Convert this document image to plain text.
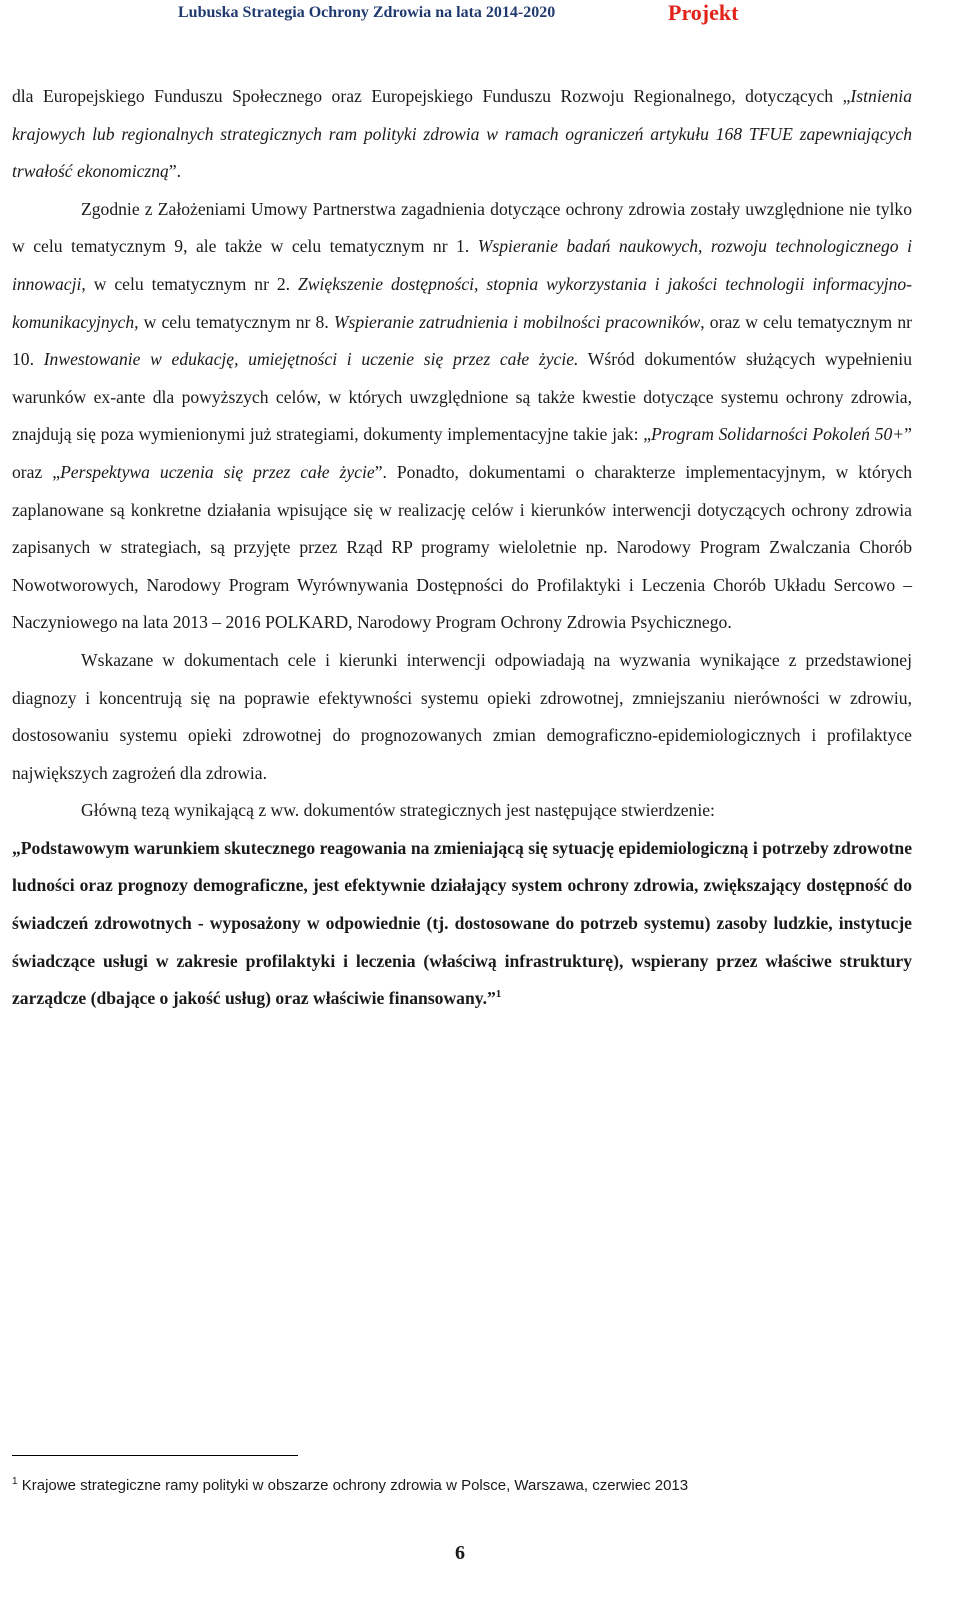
Lubuska Strategia Ochrony Zdrowia na lata 2014-2020	Projekt

dla Europejskiego Funduszu Społecznego oraz Europejskiego Funduszu Rozwoju Regionalnego, dotyczących „Istnienia krajowych lub regionalnych strategicznych ram polityki zdrowia w ramach ograniczeń artykułu 168 TFUE zapewniających trwałość ekonomiczną”.

Zgodnie z Założeniami Umowy Partnerstwa zagadnienia dotyczące ochrony zdrowia zostały uwzględnione nie tylko w celu tematycznym 9, ale także w celu tematycznym nr 1. Wspieranie badań naukowych, rozwoju technologicznego i innowacji, w celu tematycznym nr 2. Zwiększenie dostępności, stopnia wykorzystania i jakości technologii informacyjno-komunikacyjnych, w celu tematycznym nr 8. Wspieranie zatrudnienia i mobilności pracowników, oraz w celu tematycznym nr 10. Inwestowanie w edukację, umiejętności i uczenie się przez całe życie. Wśród dokumentów służących wypełnieniu warunków ex-ante dla powyższych celów, w których uwzględnione są także kwestie dotyczące systemu ochrony zdrowia, znajdują się poza wymienionymi już strategiami, dokumenty implementacyjne takie jak: „Program Solidarności Pokoleń 50+” oraz „Perspektywa uczenia się przez całe życie”. Ponadto, dokumentami o charakterze implementacyjnym, w których zaplanowane są konkretne działania wpisujące się w realizację celów i kierunków interwencji dotyczących ochrony zdrowia zapisanych w strategiach, są przyjęte przez Rząd RP programy wieloletnie np. Narodowy Program Zwalczania Chorób Nowotworowych, Narodowy Program Wyrównywania Dostępności do Profilaktyki i Leczenia Chorób Układu Sercowo – Naczyniowego na lata 2013 – 2016 POLKARD, Narodowy Program Ochrony Zdrowia Psychicznego.

Wskazane w dokumentach cele i kierunki interwencji odpowiadają na wyzwania wynikające z przedstawionej diagnozy i koncentrują się na poprawie efektywności systemu opieki zdrowotnej, zmniejszaniu nierówności w zdrowiu, dostosowaniu systemu opieki zdrowotnej do prognozowanych zmian demograficzno-epidemiologicznych i profilaktyce największych zagrożeń dla zdrowia.

Główną tezą wynikającą z ww. dokumentów strategicznych jest następujące stwierdzenie:

„Podstawowym warunkiem skutecznego reagowania na zmieniającą się sytuację epidemiologiczną i potrzeby zdrowotne ludności oraz prognozy demograficzne, jest efektywnie działający system ochrony zdrowia, zwiększający dostępność do świadczeń zdrowotnych - wyposażony w odpowiednie (tj. dostosowane do potrzeb systemu) zasoby ludzkie, instytucje świadczące usługi w zakresie profilaktyki i leczenia (właściwą infrastrukturę), wspierany przez właściwe struktury zarządcze (dbające o jakość usług) oraz właściwie finansowany.”$^1$

$^1$ Krajowe strategiczne ramy polityki w obszarze ochrony zdrowia w Polsce, Warszawa, czerwiec 2013
6
